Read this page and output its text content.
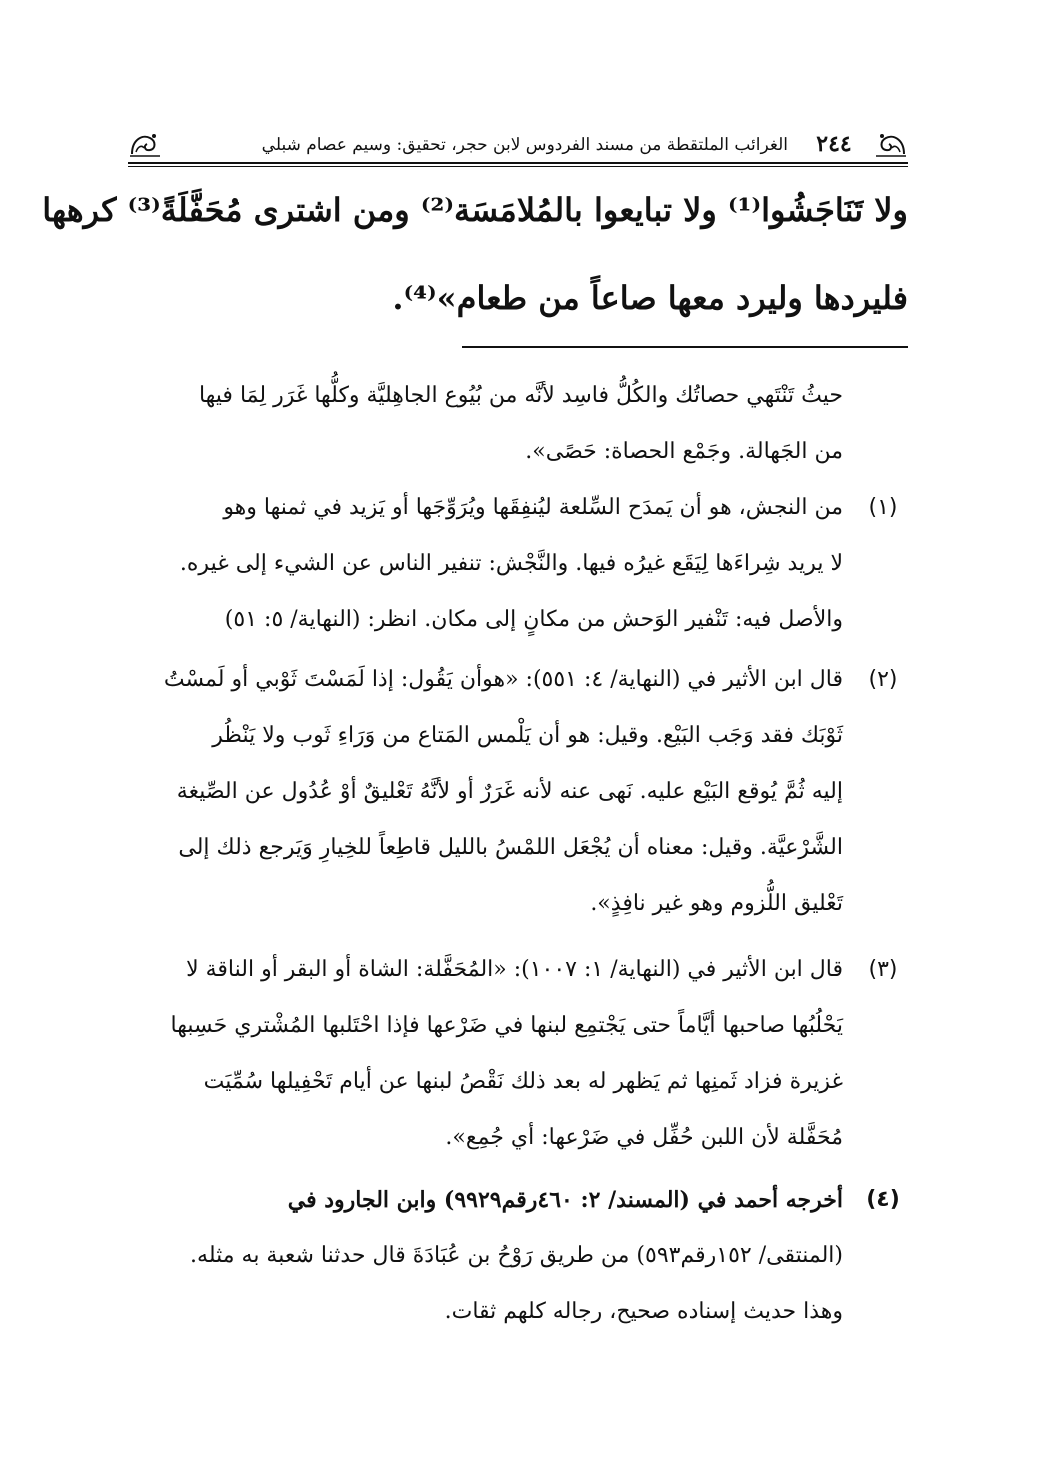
٢٤٤
الغرائب الملتقطة من مسند الفردوس لابن حجر، تحقيق: وسيم عصام شبلي
ولا تَنَاجَشُوا⁽¹⁾ ولا تبايعوا بالمُلامَسَة⁽²⁾ ومن اشترى مُحَفَّلَةً⁽³⁾ كرهها
فليردها وليرد معها صاعاً من طعام»⁽⁴⁾.
حيثُ تَنْتَهي حصاتُك والكُلُّ فاسِد لأنَّه من بُيُوع الجاهِليَّة وكلُّها غَرَر لِمَا فيها
من الجَهالة. وجَمْع الحصاة: حَصًى».
(١)
من النجش، هو أن يَمدَح السِّلعة ليُنفِقَها ويُرَوِّجَها أو يَزيد في ثمنها وهو
لا يريد شِراءَها لِيَقَع غيرُه فيها. والنَّجْش: تنفير الناس عن الشيء إلى غيره.
والأصل فيه: تَنْفير الوَحش من مكانٍ إلى مكان. انظر: (النهاية/ ٥: ٥١)
(٢)
قال ابن الأثير في (النهاية/ ٤: ٥٥١): «هوأن يَقُول: إذا لَمَسْتَ ثَوْبي أو لَمسْتُ
ثَوْبَك فقد وَجَب البَيْع. وقيل: هو أن يَلْمس المَتاع من وَرَاءِ ثَوب ولا يَنْظُر
إليه ثُمَّ يُوقع البَيْع عليه. نَهى عنه لأنه غَرَرٌ أو لأنَّهُ تَعْليقٌ أوْ عُدُول عن الصِّيغة
الشَّرْعيَّة. وقيل: معناه أن يُجْعَل اللمْسُ بالليل قاطِعاً للخِيارِ وَيَرجع ذلك إلى
تَعْليق اللُّزوم وهو غير نافِذٍ».
(٣)
قال ابن الأثير في (النهاية/ ١: ١٠٠٧): «المُحَفَّلة: الشاة أو البقر أو الناقة لا
يَحْلُبُها صاحبها أيَّاماً حتى يَجْتمِع لبنها في ضَرْعها فإذا احْتَلبها المُشْتري حَسِبها
غزيرة فزاد ثَمنِها ثم يَظهر له بعد ذلك نَقْصُ لبنها عن أيام تَحْفِيلها سُمِّيَت
مُحَفَّلة لأن اللبن حُفِّل في ضَرْعها: أي جُمِع».
(٤)
أخرجه أحمد في (المسند/ ٢: ٤٦٠رقم٩٩٢٩) وابن الجارود في
(المنتقى/ ١٥٢رقم٥٩٣) من طريق رَوْحُ بن عُبَادَةَ قال حدثنا شعبة به مثله.
وهذا حديث إسناده صحيح، رجاله كلهم ثقات.
